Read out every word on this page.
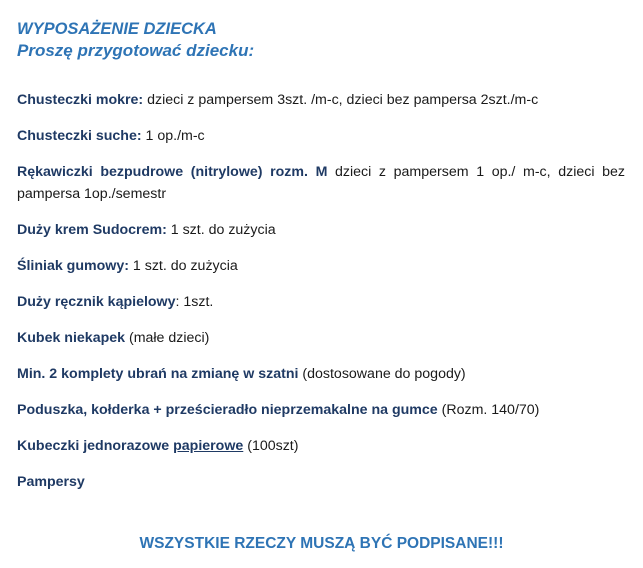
WYPOSAŻENIE DZIECKA

Proszę przygotować dziecku:

Chusteczki mokre: dzieci z pampersem 3szt. /m-c, dzieci bez pampersa 2szt./m-c

Chusteczki suche: 1 op./m-c

Rękawiczki bezpudrowe (nitrylowe) rozm. M dzieci z pampersem 1 op./ m-c, dzieci bez pampersa 1op./semestr

Duży krem Sudocrem: 1 szt. do zużycia

Śliniak gumowy: 1 szt. do zużycia

Duży ręcznik kąpielowy: 1szt.

Kubek niekapek (małe dzieci)

Min. 2 komplety ubrań na zmianę w szatni (dostosowane do pogody)

Poduszka, kołderka + prześcieradło nieprzemakalne na gumce (Rozm. 140/70)

Kubeczki jednorazowe papierowe (100szt)

Pampersy

WSZYSTKIE RZECZY MUSZĄ BYĆ PODPISANE!!!
